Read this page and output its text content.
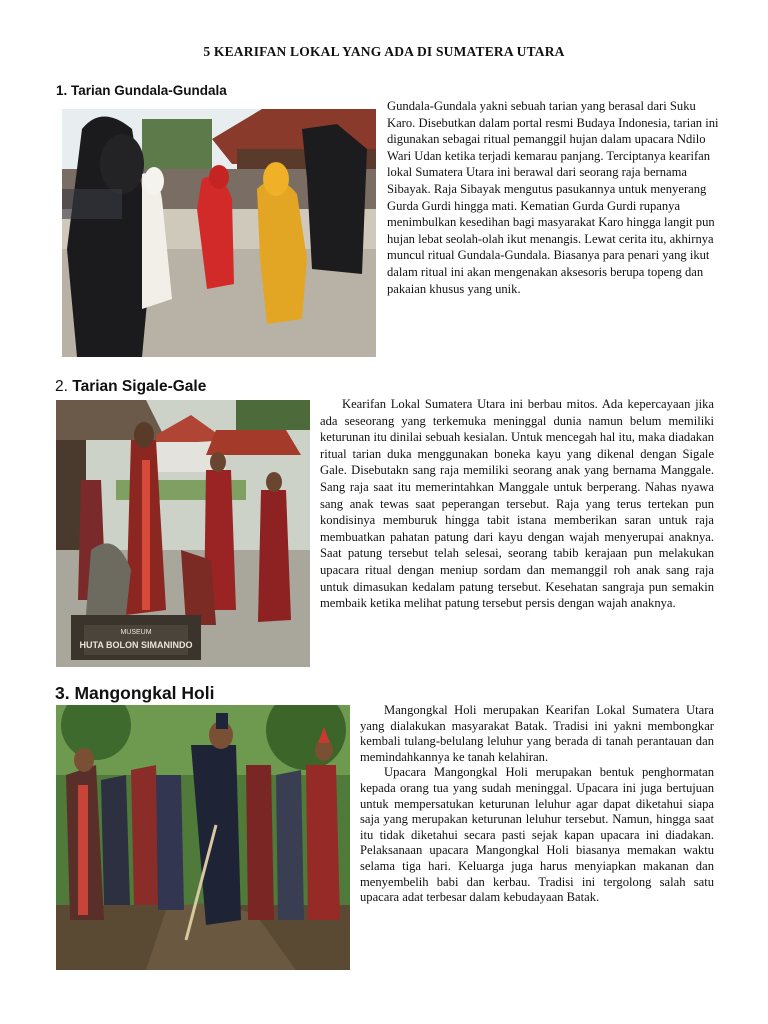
5 KEARIFAN LOKAL YANG ADA DI SUMATERA UTARA
1. Tarian Gundala-Gundala
Gundala-Gundala yakni sebuah tarian yang berasal dari Suku Karo. Disebutkan dalam portal resmi Budaya Indonesia, tarian ini digunakan sebagai ritual pemanggil hujan dalam upacara Ndilo Wari Udan ketika terjadi kemarau panjang. Terciptanya kearifan lokal Sumatera Utara ini berawal dari seorang raja bernama Sibayak. Raja Sibayak mengutus pasukannya untuk menyerang Gurda Gurdi hingga mati. Kematian Gurda Gurdi rupanya menimbulkan kesedihan bagi masyarakat Karo hingga langit pun hujan lebat seolah-olah ikut menangis. Lewat cerita itu, akhirnya muncul ritual Gundala-Gundala. Biasanya para penari yang ikut dalam ritual ini akan mengenakan aksesoris berupa topeng dan pakaian khusus yang unik.
2. Tarian Sigale-Gale
MUSEUM
HUTA BOLON SIMANINDO
Kearifan Lokal Sumatera Utara ini berbau mitos. Ada kepercayaan jika ada seseorang yang terkemuka meninggal dunia namun belum memiliki keturunan itu dinilai sebuah kesialan. Untuk mencegah hal itu, maka diadakan ritual tarian duka menggunakan boneka kayu yang dikenal dengan Sigale Gale. Disebutakn sang raja memiliki seorang anak yang bernama Manggale. Sang raja saat itu memerintahkan Manggale untuk berperang. Nahas nyawa sang anak tewas saat peperangan tersebut. Raja yang terus tertekan pun kondisinya memburuk hingga tabit istana memberikan saran untuk raja membuatkan pahatan patung dari kayu dengan wajah menyerupai anaknya. Saat patung tersebut telah selesai, seorang tabib kerajaan pun melakukan upacara ritual dengan meniup sordam dan memanggil roh anak sang raja untuk dimasukan kedalam patung tersebut. Kesehatan sangraja pun semakin membaik ketika melihat patung tersebut persis dengan wajah anaknya.
3. Mangongkal Holi

Mangongkal Holi merupakan Kearifan Lokal Sumatera Utara yang dialakukan masyarakat Batak. Tradisi ini yakni membongkar kembali tulang-belulang leluhur yang berada di tanah perantauan dan memindahkannya ke tanah kelahiran.

Upacara Mangongkal Holi merupakan bentuk penghormatan kepada orang tua yang sudah meninggal. Upacara ini juga bertujuan untuk mempersatukan keturunan leluhur agar dapat diketahui siapa saja yang merupakan keturunan leluhur tersebut. Namun, hingga saat itu tidak diketahui secara pasti sejak kapan upacara ini diadakan. Pelaksanaan upacara Mangongkal Holi biasanya memakan waktu selama tiga hari. Keluarga juga harus menyiapkan makanan dan menyembelih babi dan kerbau. Tradisi ini tergolong salah satu upacara adat terbesar dalam kebudayaan Batak.
